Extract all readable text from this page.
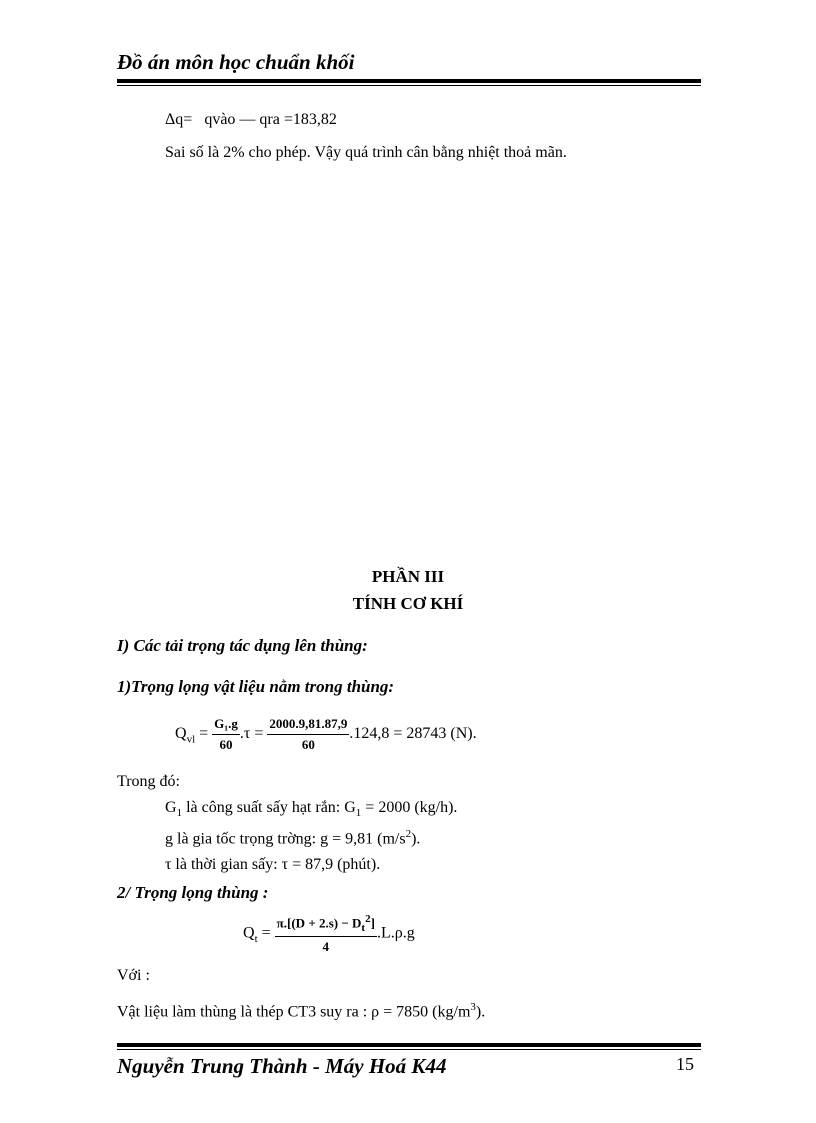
Đồ án môn học chuẩn khối
Δq= qvào — qra =183,82
Sai số là 2% cho phép. Vậy quá trình cân bằng nhiệt thoả mãn.
PHẦN III
TÍNH CƠ KHÍ
I) Các tải trọng tác dụng lên thùng:
1)Trọng lọng vật liệu nằm trong thùng:
$Q_{vl} = \frac{\text{G₁.g}}{60} .\tau = \frac{2000.9,81.87,9}{60} .124,8 = 28743$ (N).
Trong đó:
$G_1$ là công suất sấy hạt rắn: $G_1 = 2000$ (kg/h).
g là gia tốc trọng trờng: g = 9,81 $(m/s^2)$.
τ là thời gian sấy: τ = 87,9 (phút).
2/ Trọng lọng thùng :
$Q_t = \frac{\pi.[(D + 2.s) - D_t^2]}{4} .L.\rho.g$
Với :
Vật liệu làm thùng là thép CT3 suy ra : ρ = 7850 $(kg/m^3)$.
Nguyễn Trung Thành - Máy Hoá K44	15
